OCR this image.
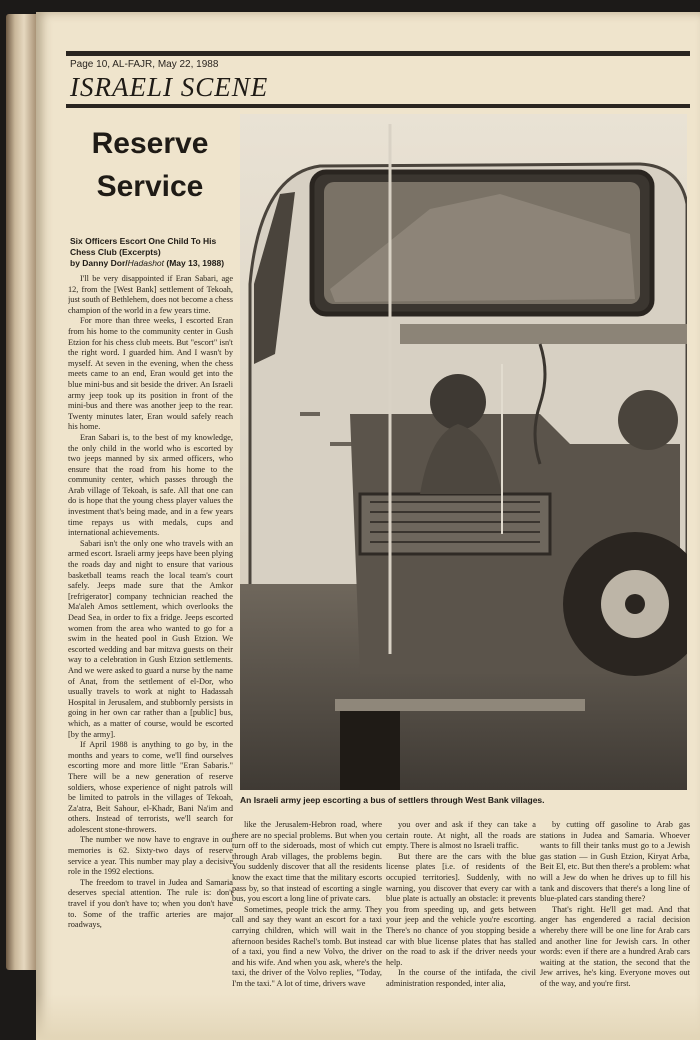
Page 10, AL-FAJR, May 22, 1988
ISRAELI SCENE
Reserve
Service
Six Officers Escort One Child To His Chess Club (Excerpts)
by Danny Dor/Hadashot (May 13, 1988)

I'll be very disappointed if Eran Sabari, age 12, from the [West Bank] settlement of Tekoah, just south of Bethlehem, does not become a chess champion of the world in a few years time.

For more than three weeks, I escorted Eran from his home to the community center in Gush Etzion for his chess club meets. But "escort" isn't the right word. I guarded him. And I wasn't by myself. At seven in the evening, when the chess meets came to an end, Eran would get into the blue mini-bus and sit beside the driver. An Israeli army jeep took up its position in front of the mini-bus and there was another jeep to the rear. Twenty minutes later, Eran would safely reach his home.

Eran Sabari is, to the best of my knowledge, the only child in the world who is escorted by two jeeps manned by six armed officers, who ensure that the road from his home to the community center, which passes through the Arab village of Tekoah, is safe. All that one can do is hope that the young chess player values the investment that's being made, and in a few years time repays us with medals, cups and international achievements.

Sabari isn't the only one who travels with an armed escort. Israeli army jeeps have been plying the roads day and night to ensure that various basketball teams reach the local team's court safely. Jeeps made sure that the Amkor [refrigerator] company technician reached the Ma'aleh Amos settlement, which overlooks the Dead Sea, in order to fix a fridge. Jeeps escorted women from the area who wanted to go for a swim in the heated pool in Gush Etzion. We escorted wedding and bar mitzva guests on their way to a celebration in Gush Etzion settlements. And we were asked to guard a nurse by the name of Anat, from the settlement of el-Dor, who usually travels to work at night to Hadassah Hospital in Jerusalem, and stubbornly persists in going in her own car rather than a [public] bus, which, as a matter of course, would be escorted [by the army].

If April 1988 is anything to go by, in the months and years to come, we'll find ourselves escorting more and more little "Eran Sabaris." There will be a new generation of reserve soldiers, whose experience of night patrols will be limited to patrols in the villages of Tekoah, Za'atra, Beit Sahour, el-Khadr, Bani Na'im and others. Instead of terrorists, we'll search for adolescent stone-throwers.

The number we now have to engrave in our memories is 62. Sixty-two days of reserve service a year. This number may play a decisive role in the 1992 elections.

The freedom to travel in Judea and Samaria deserves special attention. The rule is: don't travel if you don't have to; when you don't have to. Some of the traffic arteries are major roadways,

An Israeli army jeep escorting a bus of settlers through West Bank villages.

like the Jerusalem-Hebron road, where there are no special problems. But when you turn off to the sideroads, most of which cut through Arab villages, the problems begin. You suddenly discover that all the residents know the exact time that the military escorts pass by, so that instead of escorting a single bus, you escort a long line of private cars.

Sometimes, people trick the army. They call and say they want an escort for a taxi carrying children, which will wait in the afternoon besides Rachel's tomb. But instead of a taxi, you find a new Volvo, the driver and his wife. And when you ask, where's the taxi, the driver of the Volvo replies, "Today, I'm the taxi." A lot of time, drivers wave

you over and ask if they can take a certain route. At night, all the roads are empty. There is almost no Israeli traffic.

But there are the cars with the blue license plates [i.e. of residents of the occupied territories]. Suddenly, with no warning, you discover that every car with a blue plate is actually an obstacle: it prevents you from speeding up, and gets between your jeep and the vehicle you're escorting. There's no chance of you stopping beside a car with blue license plates that has stalled on the road to ask if the driver needs your help.

In the course of the intifada, the civil administration responded, inter alia,

by cutting off gasoline to Arab gas stations in Judea and Samaria. Whoever wants to fill their tanks must go to a Jewish gas station — in Gush Etzion, Kiryat Arba, Beit El, etc. But then there's a problem: what will a Jew do when he drives up to fill his tank and discovers that there's a long line of blue-plated cars standing there?

That's right. He'll get mad. And that anger has engendered a racial decision whereby there will be one line for Arab cars and another line for Jewish cars. In other words: even if there are a hundred Arab cars waiting at the station, the second that the Jew arrives, he's king. Everyone moves out of the way, and you're first.
